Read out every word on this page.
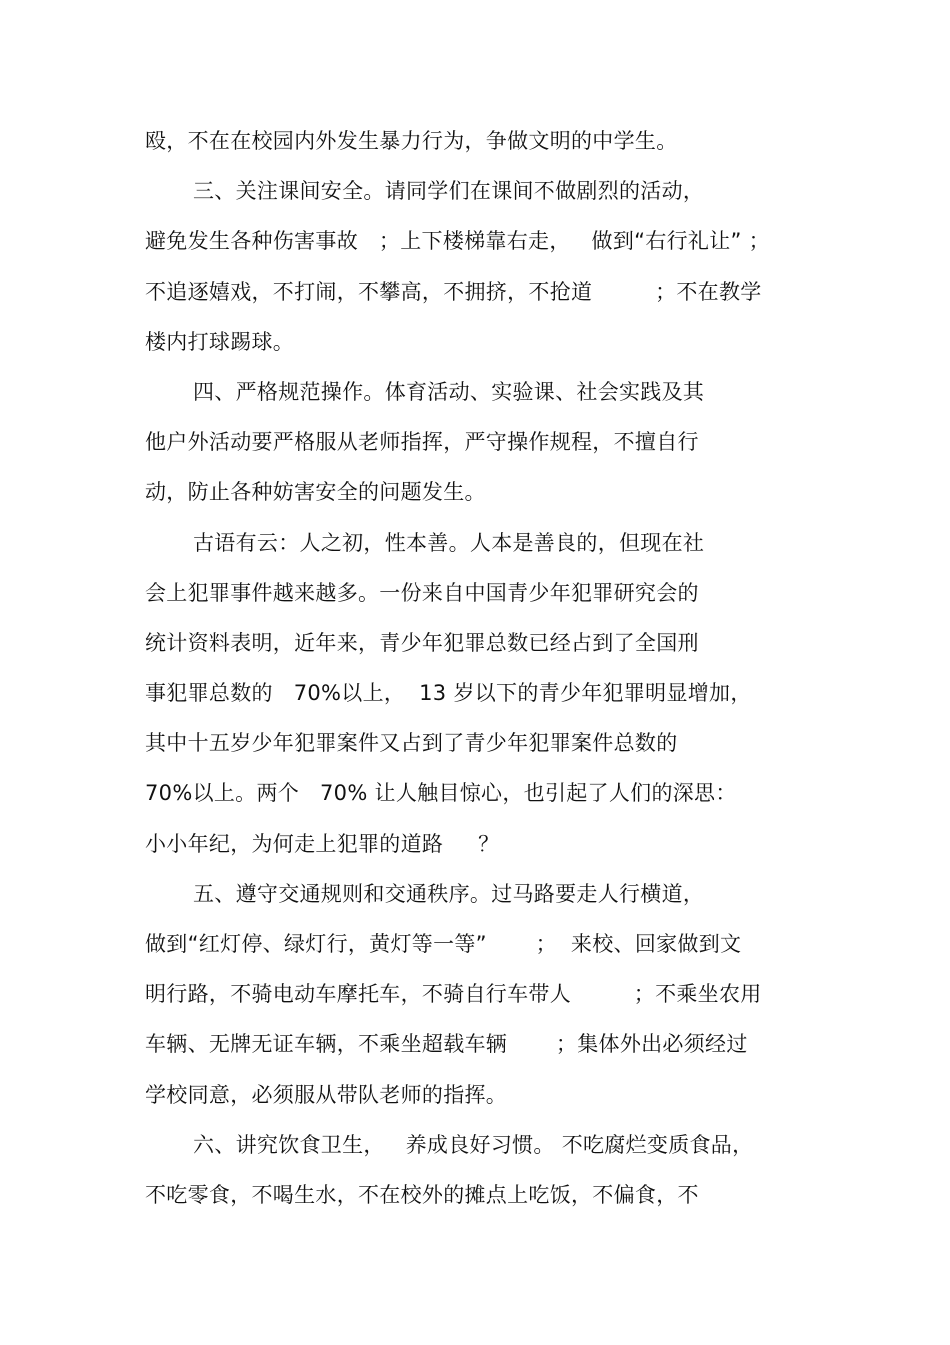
殴，不在在校园内外发生暴力行为，争做文明的中学生。
三、关注课间安全。请同学们在课间不做剧烈的活动，
避免发生各种伤害事故   ；上下楼梯靠右走，   做到“右行礼让” ；
不追逐嬉戏，不打闹，不攀高，不拥挤，不抢道         ；不在教学
楼内打球踢球。
四、严格规范操作。体育活动、实验课、社会实践及其
他户外活动要严格服从老师指挥，严守操作规程，不擅自行
动，防止各种妨害安全的问题发生。
古语有云：人之初，性本善。人本是善良的，但现在社
会上犯罪事件越来越多。一份来自中国青少年犯罪研究会的
统计资料表明，近年来，青少年犯罪总数已经占到了全国刑
事犯罪总数的   70%以上，  13 岁以下的青少年犯罪明显增加，
其中十五岁少年犯罪案件又占到了青少年犯罪案件总数的
70%以上。两个   70% 让人触目惊心，也引起了人们的深思：
小小年纪，为何走上犯罪的道路     ？
五、遵守交通规则和交通秩序。过马路要走人行横道，
做到“红灯停、绿灯行，黄灯等一等”       ；  来校、回家做到文
明行路，不骑电动车摩托车，不骑自行车带人         ；不乘坐农用
车辆、无牌无证车辆，不乘坐超载车辆       ；集体外出必须经过
学校同意，必须服从带队老师的指挥。
六、讲究饮食卫生，   养成良好习惯。 不吃腐烂变质食品，
不吃零食，不喝生水，不在校外的摊点上吃饭，不偏食，不
